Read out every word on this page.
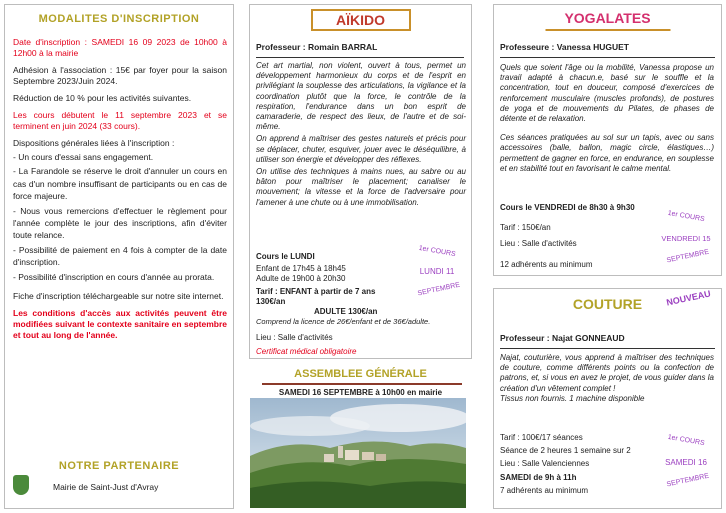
MODALITES D'INSCRIPTION

Date d'inscription : SAMEDI 16 09 2023 de 10h00 à 12h00 à la mairie

Adhésion à l'association : 15€ par foyer pour la saison Septembre 2023/Juin 2024.

Réduction de 10 % pour les activités suivantes.

Les cours débutent le 11 septembre 2023 et se terminent en juin 2024 (33 cours).

Dispositions générales liées à l'inscription :

- Un cours d'essai sans engagement.

- La Farandole se réserve le droit d'annuler un cours en cas d'un nombre insuffisant de participants ou en cas de force majeure.

- Nous vous remercions d'effectuer le règlement pour l'année complète le jour des inscriptions, afin d'éviter toute relance.

- Possibilité de paiement en 4 fois à compter de la date d'inscription.

- Possibilité d'inscription en cours d'année au prorata.

Fiche d'inscription téléchargeable sur notre site internet.

Les conditions d'accès aux activités peuvent être modifiées suivant le contexte sanitaire en septembre et tout au long de l'année.

NOTRE PARTENAIRE
Mairie de Saint-Just d'Avray
AÏKIDO
Professeur : Romain BARRAL

Cet art martial, non violent, ouvert à tous, permet un développement harmonieux du corps et de l'esprit en privilégiant la souplesse des articulations, la vigilance et la coordination plutôt que la force, le contrôle de la respiration, l'endurance dans un bon esprit de camaraderie, de respect des lieux, de l'autre et de soi-même.

On apprend à maîtriser des gestes naturels et précis pour se déplacer, chuter, esquiver, jouer avec le déséquilibre, à utiliser son énergie et développer des réflexes.

On utilise des techniques à mains nues, au sabre ou au bâton pour maîtriser le placement; canaliser le mouvement; la vitesse et la force de l'adversaire pour l'amener à une chute ou à une immobilisation.

Cours le LUNDI

Enfant de 17h45 à 18h45

Adulte de 19h00 à 20h30

Tarif : ENFANT à partir de 7 ans 130€/an

ADULTE 130€/an

Comprend la licence de 26€/enfant et de 36€/adulte.

Lieu : Salle d'activités

Certificat médical obligatoire

1er COURS
LUNDI 11
SEPTEMBRE
ASSEMBLEE GÉNÉRALE
SAMEDI 16 SEPTEMBRE à 10h00 en mairie
YOGALATES
Professeure : Vanessa HUGUET

Quels que soient l'âge ou la mobilité, Vanessa propose un travail adapté à chacun.e, basé sur le souffle et la concentration, tout en douceur, composé d'exercices de renforcement musculaire (muscles profonds), de postures de yoga et de mouvements du Pilates, de phases de détente et de relaxation.

Ces séances pratiquées au sol sur un tapis, avec ou sans accessoires (balle, ballon, magic circle, élastiques…) permettent de gagner en force, en endurance, en souplesse et en stabilité tout en favorisant le calme mental.

Cours le VENDREDI de 8h30 à 9h30

Tarif : 150€/an

Lieu : Salle d'activités

12 adhérents au minimum

1er COURS
VENDREDI 15
SEPTEMBRE
COUTURE	NOUVEAU
Professeur : Najat GONNEAUD

Najat, couturière, vous apprend à maîtriser des techniques de couture, comme différents points ou la confection de patrons, et, si vous en avez le projet, de vous guider dans la création d'un vêtement complet !

Tissus non fournis. 1 machine disponible

Tarif : 100€/17 séances

Séance de 2 heures 1 semaine sur 2

Lieu : Salle Valenciennes

SAMEDI de 9h à 11h

7 adhérents au minimum

1er COURS
SAMEDI 16
SEPTEMBRE
